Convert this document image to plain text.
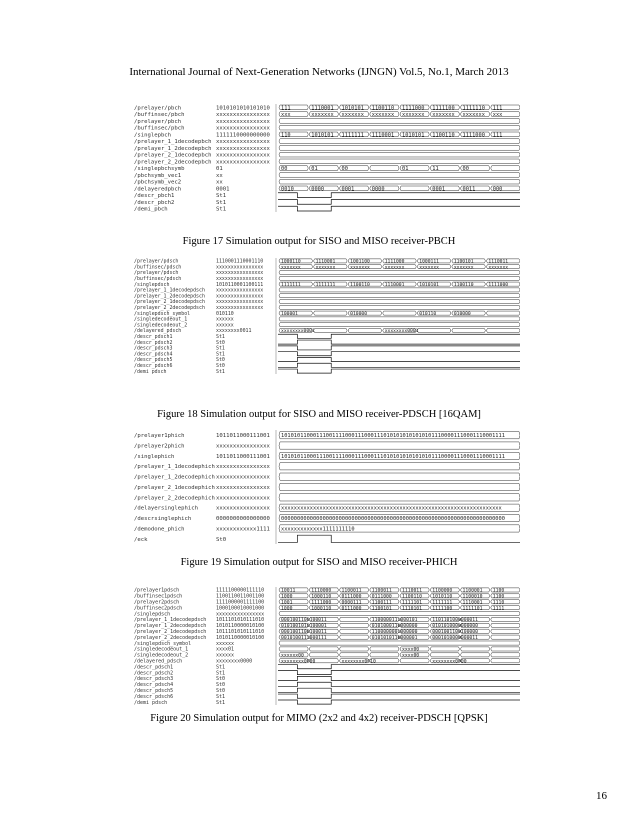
International Journal of Next-Generation Networks (IJNGN) Vol.5, No.1, March 2013
/prelayer/pbch	1010101010101010 111	1110001 1010101 1100110 1111000 1111100 1111110 111
/buffinsec/pbch	xxxxxxxxxxxxxxxx xxx	xxxxxxx xxxxxxx xxxxxxx xxxxxxx xxxxxxx xxxxxxx xxx
/prelayer/pbch	xxxxxxxxxxxxxxxx
/buffinsec/pbch	xxxxxxxxxxxxxxxx
/singlepbch	1111110000000000 110	1010101 1111111 1110001 1010101 1100110 1111000 111
/prelayer_1_1decodepbch xxxxxxxxxxxxxxxx
/prelayer_1_2decodepbch xxxxxxxxxxxxxxxx
/prelayer_2_1decodepbch xxxxxxxxxxxxxxxx
/prelayer_2_2decodepbch xxxxxxxxxxxxxxxx
/singlepbchsymb	01	00	01	00	01	11	00
/pbchsymb_vec1	xx
/pbchsymb_vec2	xx
/delayeredpbch	0001	0010	0000	0001	0000	0001	0011	000
/descr_pbch1	St1
/descr_pbch2	St1
/demi_pbch	St1
Figure 17 Simulation output for SISO and MISO receiver-PBCH
/prelayer/pdsch	1110001110001110	1000110	1110001	1001100	1111000	1000111	1100101	1110011
/buffinsec/pdsch	xxxxxxxxxxxxxxxx	xxxxxxx	xxxxxxx	xxxxxxx	xxxxxxx	xxxxxxx	xxxxxxx	xxxxxxx
/prelayer/pdsch	xxxxxxxxxxxxxxxx
/buffinsec/pdsch	xxxxxxxxxxxxxxxx
/singlepdsch	1010110001100111	1111111	1111111	1100110	1110001	1010101	1100110	1111000
/prelayer_1_1decodepdsch xxxxxxxxxxxxxxxx
/prelayer_1_2decodepdsch xxxxxxxxxxxxxxxx
/prelayer_2_1decodepdsch xxxxxxxxxxxxxxxx
/prelayer_2_2decodepdsch xxxxxxxxxxxxxxxx
/singlepdsch_symbol	010110	100001	010000	010110	010000
/singledecodeout_1	xxxxxx
/singledecodeout_2	xxxxxx
/delayered_pdsch	xxxxxxxx0011	xxxxxxxx0001	xxxxxxxx0001
/descr_pdsch1	St1
/descr_pdsch2	St0
/descr_pdsch3	St1
/descr_pdsch4	St1
/descr_pdsch5	St0
/descr_pdsch6	St0
/demi_pdsch	St1
Figure 18 Simulation output for SISO and MISO receiver-PDSCH [16QAM]
/prelayer1phich	1011011000111001 1010101100011100111100011100011101010101010101011100001110001110001111
/prelayer2phich	xxxxxxxxxxxxxxxx
/singlephich	1011011000111001 1010101100011100111100011100011101010101010101011100001110001110001111
/prelayer_1_1decodephich xxxxxxxxxxxxxxxx
/prelayer_1_2decodephich xxxxxxxxxxxxxxxx
/prelayer_2_1decodephich xxxxxxxxxxxxxxxx
/prelayer_2_2decodephich xxxxxxxxxxxxxxxx
/delayersinglephich	xxxxxxxxxxxxxxxx xxxxxxxxxxxxxxxxxxxxxxxxxxxxxxxxxxxxxxxxxxxxxxxxxxxxxxxxxxxxxxxxxxxxx
/descrsinglephich	0000000000000000 0000000000000000000000000000000000000000000000000000000000000000000000
/demodone_phich	xxxxxxxxxxxx1111 xxxxxxxxxxxxx1111111110
/eck	St0
Figure 19 Simulation output for SISO and MISO receiver-PHICH
/prelayer1pdsch	1111100000111110	10011	1110000 1100011 1100011 1110011 1100000 1100001 1100
/buffinsec1pdsch	1100110011001100	1000	1000110 0111000 0111000 1100110 1010110 1100010 1100
/prelayer2pdsch	1111000001111100	1001	1111000 0000111 1100111 1111101 1111111 1110001 1110
/buffinsec2pdsch	1000100010001000	1000	1000110 0111000 1100101 1110101 1111100 1111101 1111
/singlepdsch	xxxxxxxxxxxxxxxx
/prelayer_1_1decodepdsch 1011101010111010	0001001100100011	1100000111000101	1101101000000011
/prelayer_1_2decodepdsch 1010110000010100	0101001010100001	0101000110000000	0101010000000000
/prelayer_2_1decodepdsch 1011101010111010	0001001100100011	1100000001000000	0001001100100000
/prelayer_2_2decodepdsch 1010110000010100	0010100111000111	0101010110000001	0001010000000011
/singlepdsch_symbol	xxxxxx
/singledecodeout_1	xxxx01	xxxx00
/singledecodeout_2	xxxxxx	xxxxxx00	xxxx00
/delayered_pdsch	xxxxxxxx0000	xxxxxxxx0000	xxxxxxxx0010	xxxxxxxx0000
/descr_pdsch1	St1
/descr_pdsch2	St1
/descr_pdsch3	St0
/descr_pdsch4	St0
/descr_pdsch5	St0
/descr_pdsch6	St1
/demi_pdsch	St1
Figure 20 Simulation output for MIMO (2x2 and 4x2) receiver-PDSCH [QPSK]
16
